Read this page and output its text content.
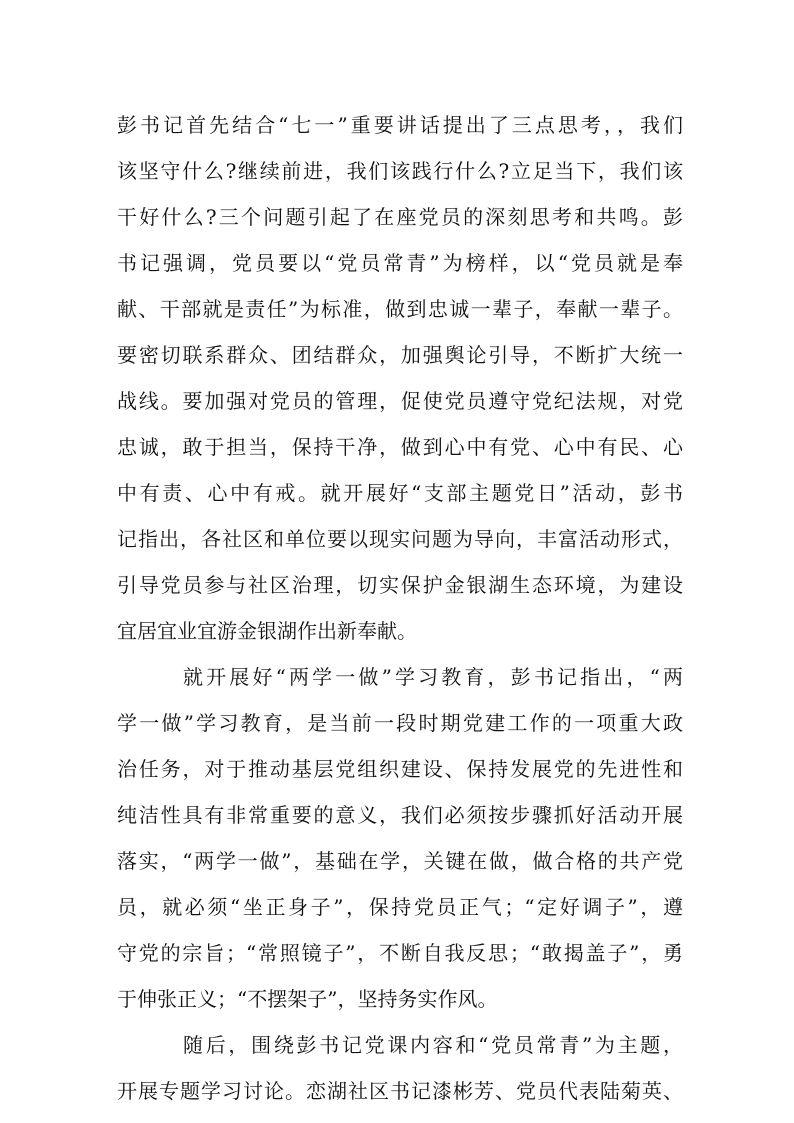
彭书记首先结合“七一”重要讲话提出了三点思考，，我们
该坚守什么?继续前进，我们该践行什么?立足当下，我们该
干好什么?三个问题引起了在座党员的深刻思考和共鸣。彭
书记强调，党员要以“党员常青”为榜样，以“党员就是奉
献、干部就是责任”为标准，做到忠诚一辈子，奉献一辈子。
要密切联系群众、团结群众，加强舆论引导，不断扩大统一
战线。要加强对党员的管理，促使党员遵守党纪法规，对党
忠诚，敢于担当，保持干净，做到心中有党、心中有民、心
中有责、心中有戒。就开展好“支部主题党日”活动，彭书
记指出，各社区和单位要以现实问题为导向，丰富活动形式，
引导党员参与社区治理，切实保护金银湖生态环境，为建设
宜居宜业宜游金银湖作出新奉献。
就开展好“两学一做”学习教育，彭书记指出，“两
学一做”学习教育，是当前一段时期党建工作的一项重大政
治任务，对于推动基层党组织建设、保持发展党的先进性和
纯洁性具有非常重要的意义，我们必须按步骤抓好活动开展
落实，“两学一做”，基础在学，关键在做，做合格的共产党
员，就必须“坐正身子”，保持党员正气；“定好调子”，遵
守党的宗旨；“常照镜子”，不断自我反思；“敢揭盖子”，勇
于伸张正义；“不摆架子”，坚持务实作风。
随后，围绕彭书记党课内容和“党员常青”为主题，
开展专题学习讨论。恋湖社区书记漆彬芳、党员代表陆菊英、
